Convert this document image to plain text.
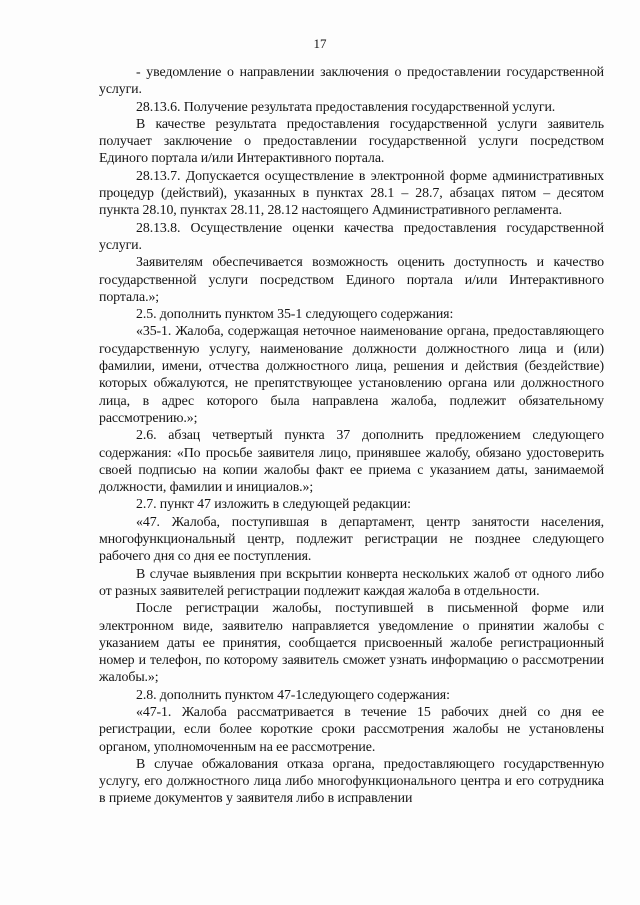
17

- уведомление о направлении заключения о предоставлении государственной услуги.

28.13.6. Получение результата предоставления государственной услуги.

В качестве результата предоставления государственной услуги заявитель получает заключение о предоставлении государственной услуги посредством Единого портала и/или Интерактивного портала.

28.13.7. Допускается осуществление в электронной форме административных процедур (действий), указанных в пунктах 28.1 – 28.7, абзацах пятом – десятом пункта 28.10, пунктах 28.11, 28.12 настоящего Административного регламента.

28.13.8. Осуществление оценки качества предоставления государственной услуги.

Заявителям обеспечивается возможность оценить доступность и качество государственной услуги посредством Единого портала и/или Интерактивного портала.»;

2.5. дополнить пунктом 35-1 следующего содержания:

«35-1. Жалоба, содержащая неточное наименование органа, предоставляющего государственную услугу, наименование должности должностного лица и (или) фамилии, имени, отчества должностного лица, решения и действия (бездействие) которых обжалуются, не препятствующее установлению органа или должностного лица, в адрес которого была направлена жалоба, подлежит обязательному рассмотрению.»;

2.6. абзац четвертый пункта 37 дополнить предложением следующего содержания: «По просьбе заявителя лицо, принявшее жалобу, обязано удостоверить своей подписью на копии жалобы факт ее приема с указанием даты, занимаемой должности, фамилии и инициалов.»;

2.7. пункт 47 изложить в следующей редакции:

«47. Жалоба, поступившая в департамент, центр занятости населения, многофункциональный центр, подлежит регистрации не позднее следующего рабочего дня со дня ее поступления.

В случае выявления при вскрытии конверта нескольких жалоб от одного либо от разных заявителей регистрации подлежит каждая жалоба в отдельности.

После регистрации жалобы, поступившей в письменной форме или электронном виде, заявителю направляется уведомление о принятии жалобы с указанием даты ее принятия, сообщается присвоенный жалобе регистрационный номер и телефон, по которому заявитель сможет узнать информацию о рассмотрении жалобы.»;

2.8. дополнить пунктом 47-1следующего содержания:

«47-1. Жалоба рассматривается в течение 15 рабочих дней со дня ее регистрации, если более короткие сроки рассмотрения жалобы не установлены органом, уполномоченным на ее рассмотрение.

В случае обжалования отказа органа, предоставляющего государственную услугу, его должностного лица либо многофункционального центра и его сотрудника в приеме документов у заявителя либо в исправлении
